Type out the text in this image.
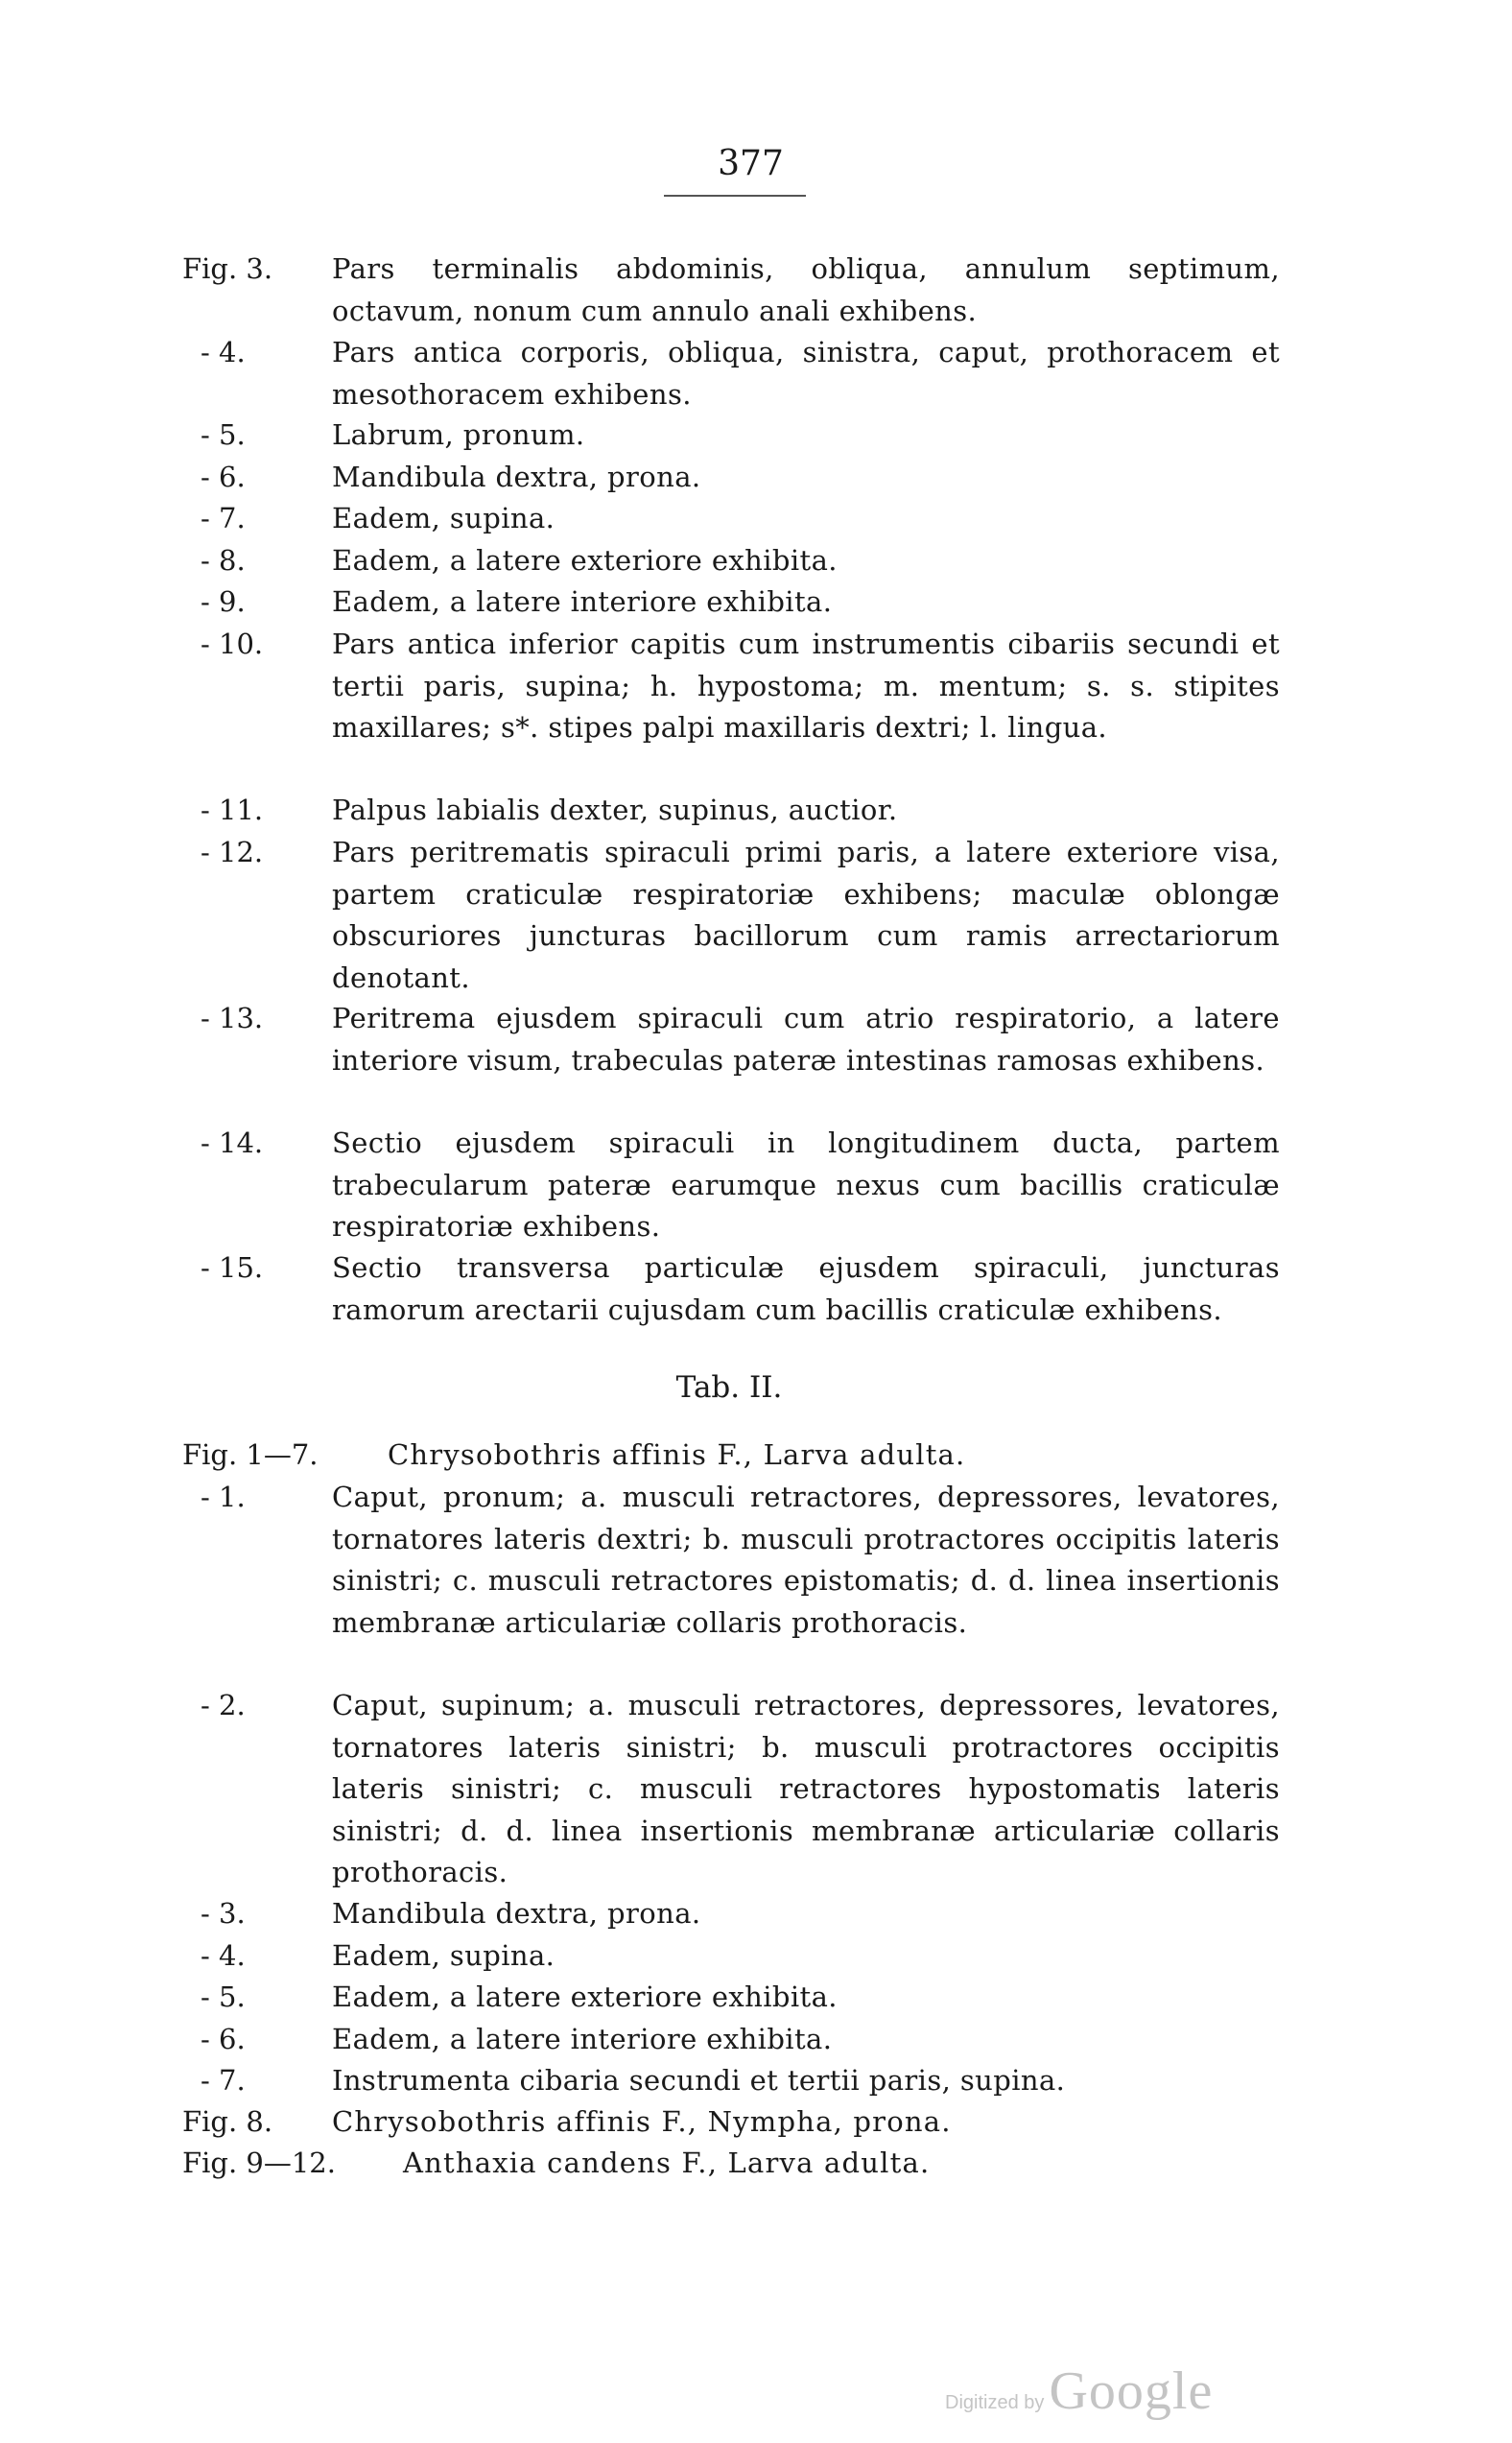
377
Fig. 3. Pars terminalis abdominis, obliqua, annulum septimum, octavum, nonum cum annulo anali exhibens.
- 4.	Pars antica corporis, obliqua, sinistra, caput, prothoracem et mesothoracem exhibens.
- 5.	Labrum, pronum.
- 6.	Mandibula dextra, prona.
- 7.	Eadem, supina.
- 8.	Eadem, a latere exteriore exhibita.
- 9.	Eadem, a latere interiore exhibita.
- 10. Pars antica inferior capitis cum instrumentis cibariis secundi et tertii paris, supina; h. hypostoma; m. mentum; s. s. stipites maxillares; s*. stipes palpi maxillaris dextri; l. lingua.
- 11. Palpus labialis dexter, supinus, auctior.
- 12. Pars peritrematis spiraculi primi paris, a latere exteriore visa, partem craticulæ respiratoriæ exhibens; maculæ oblongæ obscuriores juncturas bacillorum cum ramis arrectariorum denotant.
- 13. Peritrema ejusdem spiraculi cum atrio respiratorio, a latere interiore visum, trabeculas pateræ intestinas ramosas exhibens.
- 14. Sectio ejusdem spiraculi in longitudinem ducta, partem trabecularum pateræ earumque nexus cum bacillis craticulæ respiratoriæ exhibens.
- 15. Sectio transversa particulæ ejusdem spiraculi, juncturas ramorum arectarii cujusdam cum bacillis craticulæ exhibens.
Tab. II.
Fig. 1—7. Chrysobothris affinis F., Larva adulta.
- 1.	Caput, pronum; a. musculi retractores, depressores, levatores, tornatores lateris dextri; b. musculi protractores occipitis lateris sinistri; c. musculi retractores epistomatis; d. d. linea insertionis membranæ articulariæ collaris prothoracis.
- 2.	Caput, supinum; a. musculi retractores, depressores, levatores, tornatores lateris sinistri; b. musculi protractores occipitis lateris sinistri; c. musculi retractores hypostomatis lateris sinistri; d. d. linea insertionis membranæ articulariæ collaris prothoracis.
- 3.	Mandibula dextra, prona.
- 4.	Eadem, supina.
- 5.	Eadem, a latere exteriore exhibita.
- 6.	Eadem, a latere interiore exhibita.
- 7.	Instrumenta cibaria secundi et tertii paris, supina.
Fig. 8. Chrysobothris affinis F., Nympha, prona.
Fig. 9—12. Anthaxia candens F., Larva adulta.
Digitized by Google
